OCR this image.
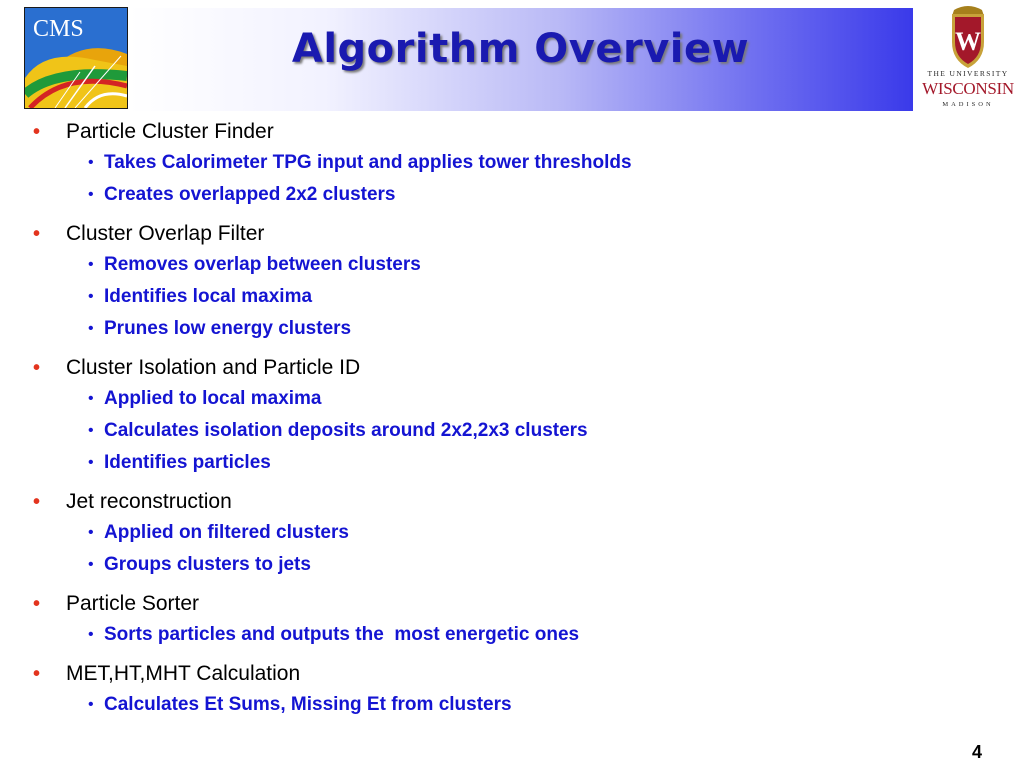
Algorithm Overview
CMS	W
THE UNIVERSITY
WISCONSIN
MADISON
• Particle Cluster Finder
• Takes Calorimeter TPG input and applies tower thresholds
• Creates overlapped 2x2 clusters
• Cluster Overlap Filter
• Removes overlap between clusters
• Identifies local maxima
• Prunes low energy clusters
• Cluster Isolation and Particle ID
• Applied to local maxima
• Calculates isolation deposits around 2x2,2x3 clusters
• Identifies particles
• Jet reconstruction
• Applied on filtered clusters
• Groups clusters to jets
• Particle Sorter
• Sorts particles and outputs the  most energetic ones
• MET,HT,MHT Calculation
• Calculates Et Sums, Missing Et from clusters
4
